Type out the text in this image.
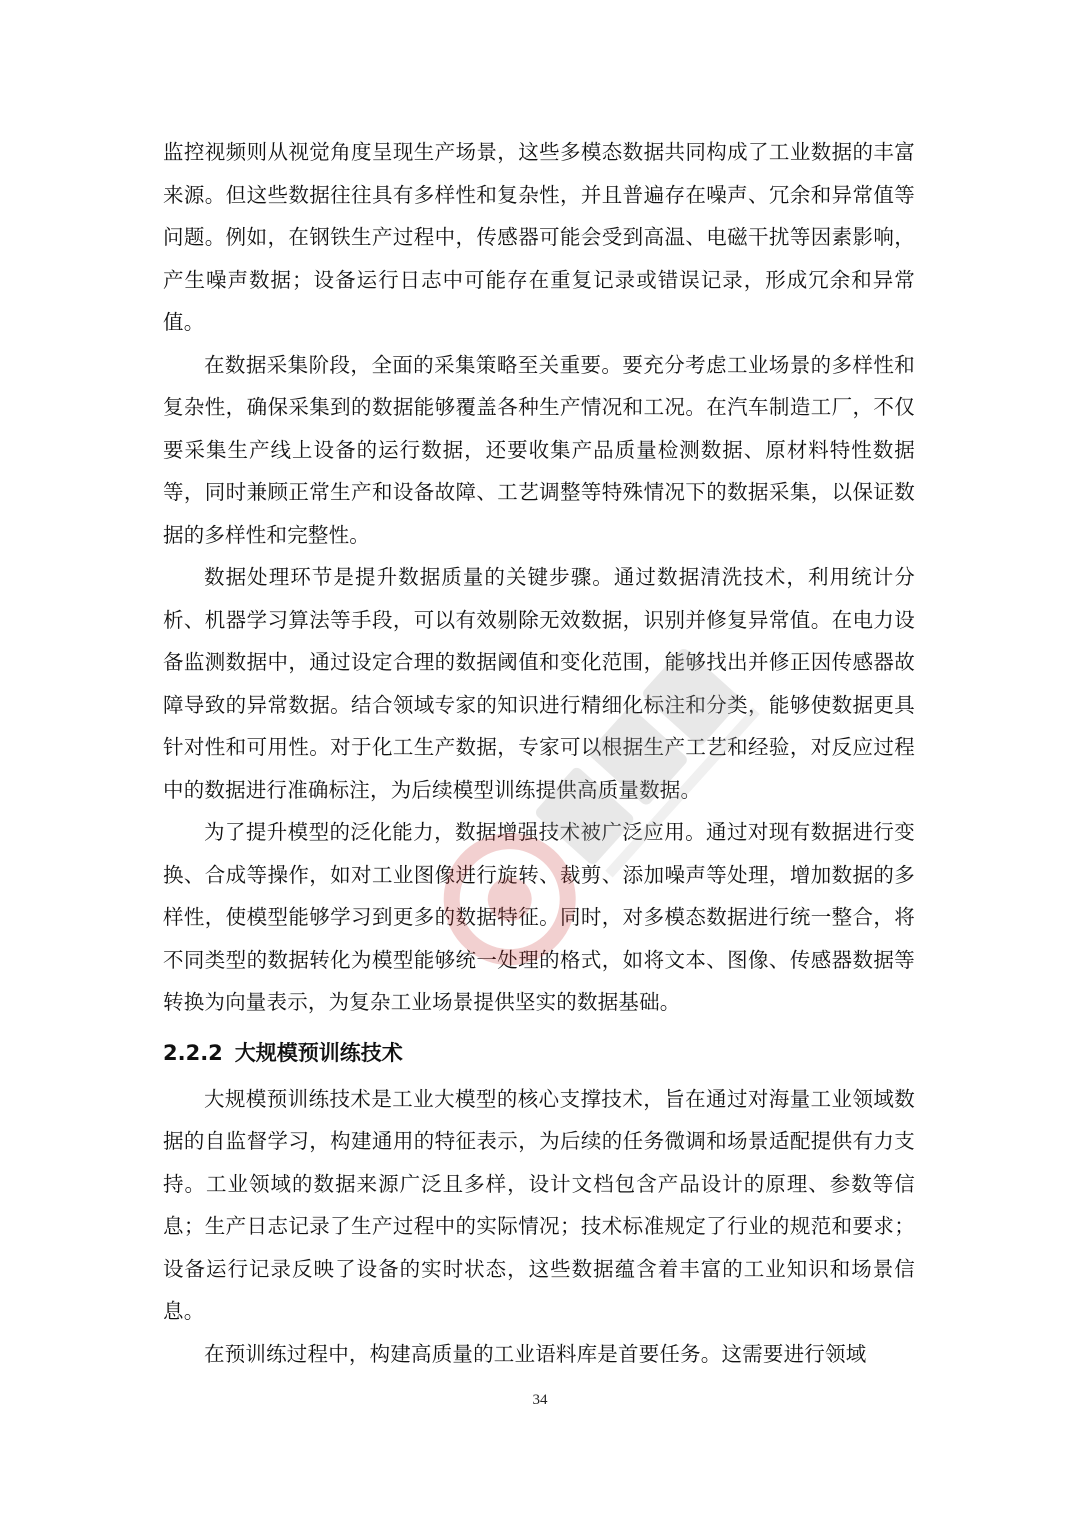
监控视频则从视觉角度呈现生产场景，这些多模态数据共同构成了工业数据的丰富来源。但这些数据往往具有多样性和复杂性，并且普遍存在噪声、冗余和异常值等问题。例如，在钢铁生产过程中，传感器可能会受到高温、电磁干扰等因素影响，产生噪声数据；设备运行日志中可能存在重复记录或错误记录，形成冗余和异常值。

在数据采集阶段，全面的采集策略至关重要。要充分考虑工业场景的多样性和复杂性，确保采集到的数据能够覆盖各种生产情况和工况。在汽车制造工厂，不仅要采集生产线上设备的运行数据，还要收集产品质量检测数据、原材料特性数据等，同时兼顾正常生产和设备故障、工艺调整等特殊情况下的数据采集，以保证数据的多样性和完整性。

数据处理环节是提升数据质量的关键步骤。通过数据清洗技术，利用统计分析、机器学习算法等手段，可以有效剔除无效数据，识别并修复异常值。在电力设备监测数据中，通过设定合理的数据阈值和变化范围，能够找出并修正因传感器故障导致的异常数据。结合领域专家的知识进行精细化标注和分类，能够使数据更具针对性和可用性。对于化工生产数据，专家可以根据生产工艺和经验，对反应过程中的数据进行准确标注，为后续模型训练提供高质量数据。

为了提升模型的泛化能力，数据增强技术被广泛应用。通过对现有数据进行变换、合成等操作，如对工业图像进行旋转、裁剪、添加噪声等处理，增加数据的多样性，使模型能够学习到更多的数据特征。同时，对多模态数据进行统一整合，将不同类型的数据转化为模型能够统一处理的格式，如将文本、图像、传感器数据等转换为向量表示，为复杂工业场景提供坚实的数据基础。

2.2.2 大规模预训练技术

大规模预训练技术是工业大模型的核心支撑技术，旨在通过对海量工业领域数据的自监督学习，构建通用的特征表示，为后续的任务微调和场景适配提供有力支持。工业领域的数据来源广泛且多样，设计文档包含产品设计的原理、参数等信息；生产日志记录了生产过程中的实际情况；技术标准规定了行业的规范和要求；设备运行记录反映了设备的实时状态，这些数据蕴含着丰富的工业知识和场景信息。

在预训练过程中，构建高质量的工业语料库是首要任务。这需要进行领域

34
